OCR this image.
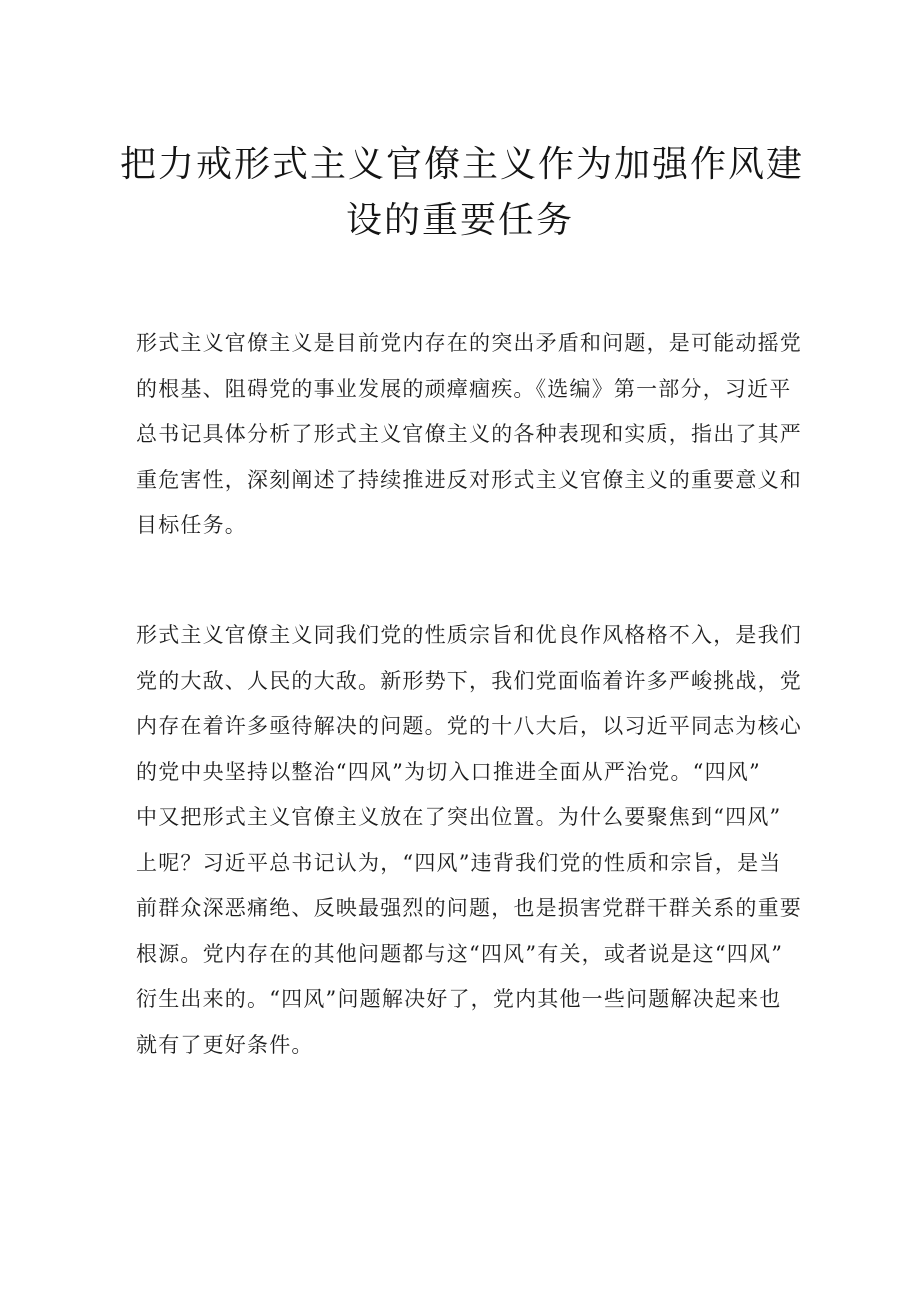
把力戒形式主义官僚主义作为加强作风建
设的重要任务
形式主义官僚主义是目前党内存在的突出矛盾和问题，是可能动摇党
的根基、阻碍党的事业发展的顽瘴痼疾。《选编》第一部分，习近平
总书记具体分析了形式主义官僚主义的各种表现和实质，指出了其严
重危害性，深刻阐述了持续推进反对形式主义官僚主义的重要意义和
目标任务。
形式主义官僚主义同我们党的性质宗旨和优良作风格格不入，是我们
党的大敌、人民的大敌。新形势下，我们党面临着许多严峻挑战，党
内存在着许多亟待解决的问题。党的十八大后，以习近平同志为核心
的党中央坚持以整治“四风”为切入口推进全面从严治党。“四风”
中又把形式主义官僚主义放在了突出位置。为什么要聚焦到“四风”
上呢？习近平总书记认为，“四风”违背我们党的性质和宗旨，是当
前群众深恶痛绝、反映最强烈的问题，也是损害党群干群关系的重要
根源。党内存在的其他问题都与这“四风”有关，或者说是这“四风”
衍生出来的。“四风”问题解决好了，党内其他一些问题解决起来也
就有了更好条件。
